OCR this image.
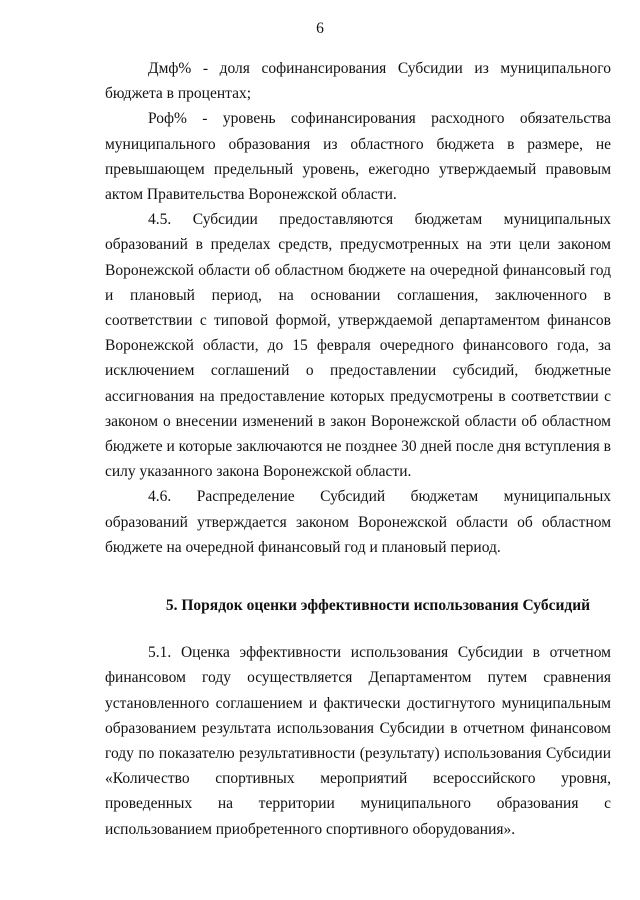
6

Дмф% - доля софинансирования Субсидии из муниципального бюджета в процентах;

Роф% - уровень софинансирования расходного обязательства муниципального образования из областного бюджета в размере, не превышающем предельный уровень, ежегодно утверждаемый правовым актом Правительства Воронежской области.

4.5. Субсидии предоставляются бюджетам муниципальных образований в пределах средств, предусмотренных на эти цели законом Воронежской области об областном бюджете на очередной финансовый год и плановый период, на основании соглашения, заключенного в соответствии с типовой формой, утверждаемой департаментом финансов Воронежской области, до 15 февраля очередного финансового года, за исключением соглашений о предоставлении субсидий, бюджетные ассигнования на предоставление которых предусмотрены в соответствии с законом о внесении изменений в закон Воронежской области об областном бюджете и которые заключаются не позднее 30 дней после дня вступления в силу указанного закона Воронежской области.

4.6. Распределение Субсидий бюджетам муниципальных образований утверждается законом Воронежской области об областном бюджете на очередной финансовый год и плановый период.

5. Порядок оценки эффективности использования Субсидий

5.1. Оценка эффективности использования Субсидии в отчетном финансовом году осуществляется Департаментом путем сравнения установленного соглашением и фактически достигнутого муниципальным образованием результата использования Субсидии в отчетном финансовом году по показателю результативности (результату) использования Субсидии «Количество спортивных мероприятий всероссийского уровня, проведенных на территории муниципального образования с использованием приобретенного спортивного оборудования».
